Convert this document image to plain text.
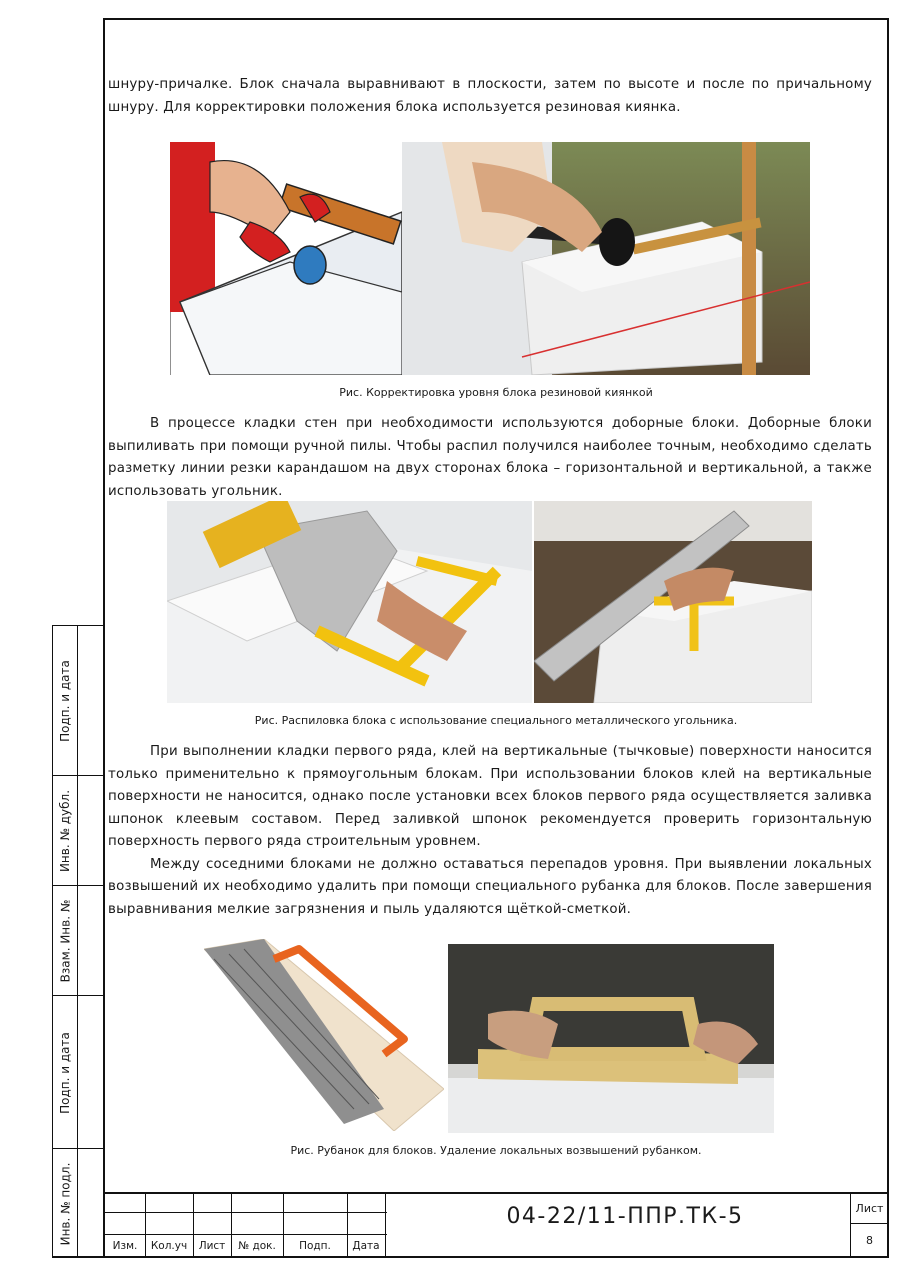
Подп. и дата
Инв. № дубл.
Взам. Инв. №
Подп. и дата
Инв. № подл.

шнуру-причалке. Блок сначала выравнивают в плоскости, затем по высоте и после по причальному шнуру. Для корректировки положения блока используется резиновая киянка.

Рис. Корректировка уровня блока резиновой киянкой

В процессе кладки стен при необходимости используются доборные блоки. Доборные блоки выпиливать при помощи ручной пилы. Чтобы распил получился наиболее точным, необходимо сделать разметку линии резки карандашом на двух сторонах блока – горизонтальной и вертикальной, а также использовать угольник.

Рис. Распиловка блока с использование специального металлического угольника.

При выполнении кладки первого ряда, клей на вертикальные (тычковые) поверхности наносится только применительно к прямоугольным блокам. При использовании блоков клей на вертикальные поверхности не наносится, однако после установки всех блоков первого ряда осуществляется заливка шпонок клеевым составом. Перед заливкой шпонок рекомендуется проверить горизонтальную поверхность первого ряда строительным уровнем.

Между соседними блоками не должно оставаться перепадов уровня. При выявлении локальных возвышений их необходимо удалить при помощи специального рубанка для блоков. После завершения выравнивания мелкие загрязнения и пыль удаляются щёткой-сметкой.

Рис. Рубанок для блоков. Удаление локальных возвышений рубанком.
Изм.	Кол.уч	Лист	№ док.	Подп.	Дата
04-22/11-ППР.ТК-5	Лист
8
